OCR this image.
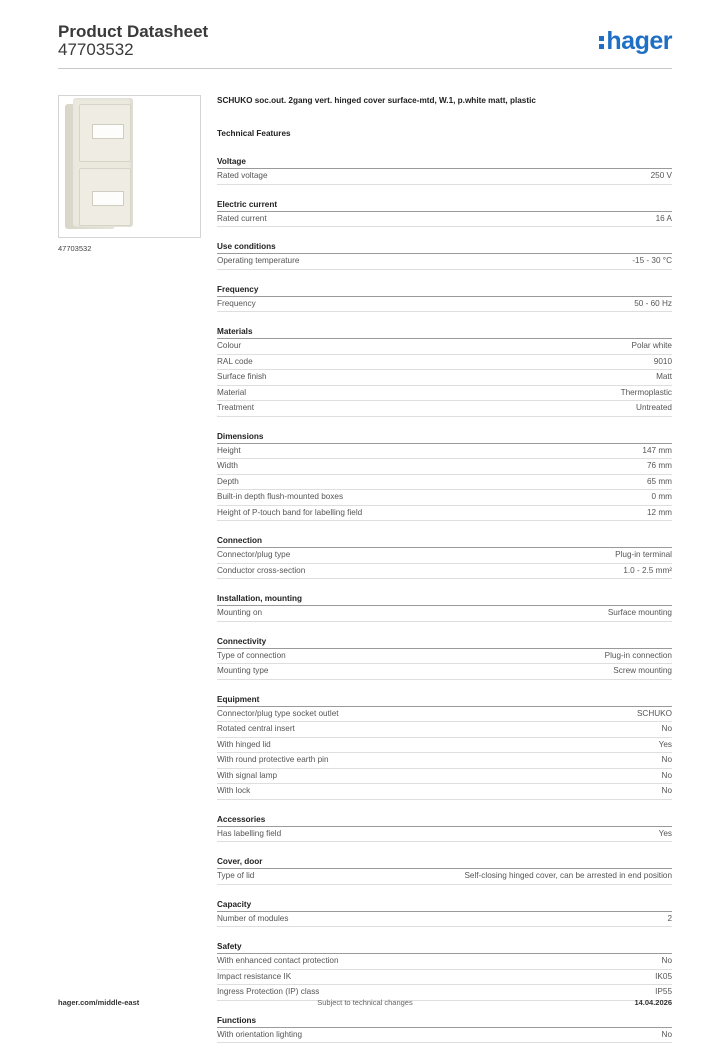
Product Datasheet
47703532	hager
47703532
SCHUKO soc.out. 2gang vert. hinged cover surface-mtd, W.1, p.white matt, plastic
Technical Features
Voltage
Rated voltage	250 V
Electric current
Rated current	16 A
Use conditions
Operating temperature	-15 - 30 °C
Frequency
Frequency	50 - 60 Hz
Materials
Colour	Polar white
RAL code	9010
Surface finish	Matt
Material	Thermoplastic
Treatment	Untreated
Dimensions
Height	147 mm
Width	76 mm
Depth	65 mm
Built-in depth flush-mounted boxes	0 mm
Height of P-touch band for labelling field	12 mm
Connection
Connector/plug type	Plug-in terminal
Conductor cross-section	1.0 - 2.5 mm²
Installation, mounting
Mounting on	Surface mounting
Connectivity
Type of connection	Plug-in connection
Mounting type	Screw mounting
Equipment
Connector/plug type socket outlet	SCHUKO
Rotated central insert	No
With hinged lid	Yes
With round protective earth pin	No
With signal lamp	No
With lock	No
Accessories
Has labelling field	Yes
Cover, door
Type of lid	Self-closing hinged cover, can be arrested in end position
Capacity
Number of modules	2
Safety
With enhanced contact protection	No
Impact resistance IK	IK05
Ingress Protection (IP) class	IP55
Functions
With orientation lighting	No
hager.com/middle-east	Subject to technical changes	14.04.2026
